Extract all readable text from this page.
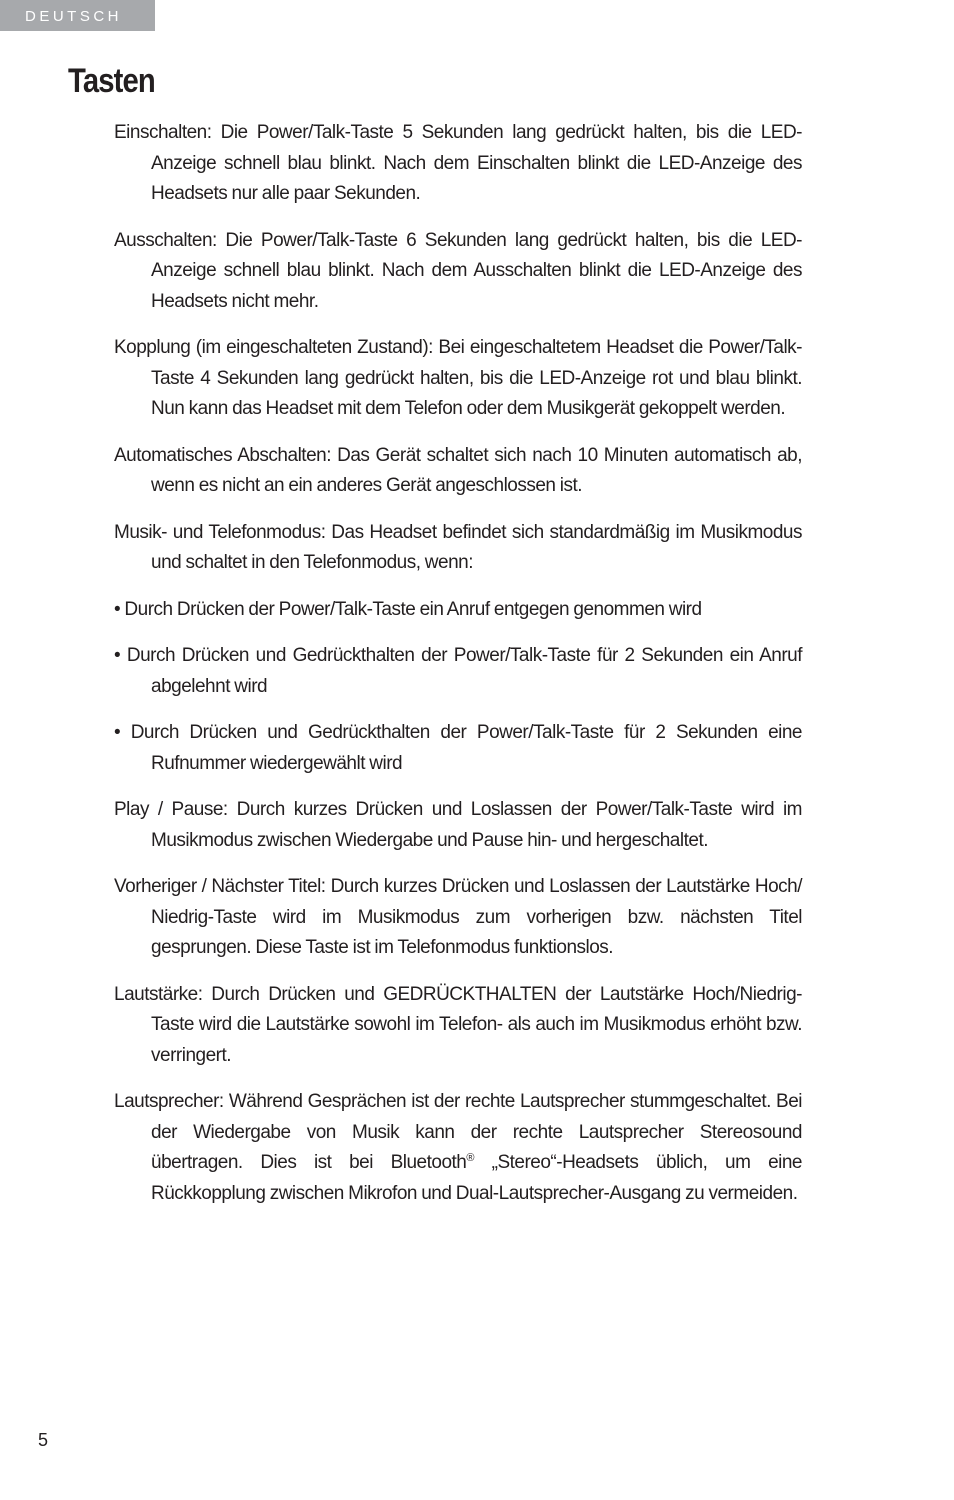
DEUTSCH
Tasten

Einschalten: Die Power/Talk-Taste 5 Sekunden lang gedrückt halten, bis die LED-Anzeige schnell blau blinkt. Nach dem Einschalten blinkt die LED-Anzeige des Headsets nur alle paar Sekunden.

Ausschalten: Die Power/Talk-Taste 6 Sekunden lang gedrückt halten, bis die LED-Anzeige schnell blau blinkt. Nach dem Ausschalten blinkt die LED-Anzeige des Headsets nicht mehr.

Kopplung (im eingeschalteten Zustand): Bei eingeschaltetem Headset die Power/Talk-Taste 4 Sekunden lang gedrückt halten, bis die LED-Anzeige rot und blau blinkt. Nun kann das Headset mit dem Telefon oder dem Musikgerät gekoppelt werden.

Automatisches Abschalten: Das Gerät schaltet sich nach 10 Minuten automatisch ab, wenn es nicht an ein anderes Gerät angeschlossen ist.

Musik- und Telefonmodus: Das Headset befindet sich standardmäßig im Musikmodus und schaltet in den Telefonmodus, wenn:

• Durch Drücken der Power/Talk-Taste ein Anruf entgegen genommen wird

• Durch Drücken und Gedrückthalten der Power/Talk-Taste für 2 Sekunden ein Anruf abgelehnt wird

• Durch Drücken und Gedrückthalten der Power/Talk-Taste für 2 Sekunden eine Rufnummer wiedergewählt wird

Play / Pause: Durch kurzes Drücken und Loslassen der Power/Talk-Taste wird im Musikmodus zwischen Wiedergabe und Pause hin- und hergeschaltet.

Vorheriger / Nächster Titel: Durch kurzes Drücken und Loslassen der Lautstärke Hoch/ Niedrig-Taste wird im Musikmodus zum vorherigen bzw. nächsten Titel gesprungen. Diese Taste ist im Telefonmodus funktionslos.

Lautstärke: Durch Drücken und GEDRÜCKTHALTEN der Lautstärke Hoch/Niedrig-Taste wird die Lautstärke sowohl im Telefon- als auch im Musikmodus erhöht bzw. verringert.

Lautsprecher: Während Gesprächen ist der rechte Lautsprecher stummgeschaltet. Bei der Wiedergabe von Musik kann der rechte Lautsprecher Stereosound übertragen. Dies ist bei Bluetooth® „Stereo“-Headsets üblich, um eine Rückkopplung zwischen Mikrofon und Dual-Lautsprecher-Ausgang zu vermeiden.

5
